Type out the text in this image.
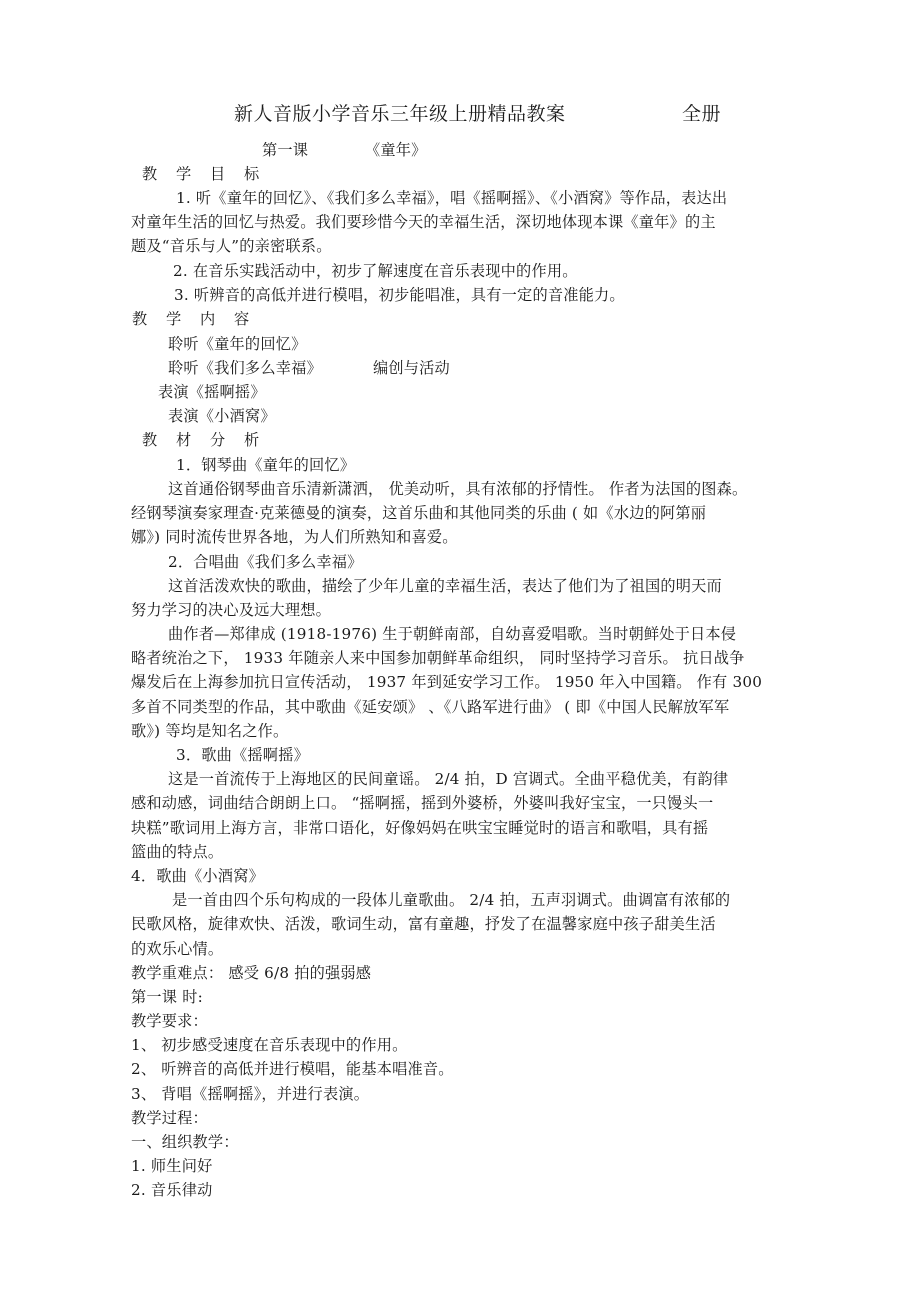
新人音版小学音乐三年级上册精品教案	全册
第一课	《童年》
教 学 目 标
1. 听《童年的回忆》、《我们多么幸福》，唱《摇啊摇》、《小酒窝》等作品，表达出
对童年生活的回忆与热爱。我们要珍惜今天的幸福生活，深切地体现本课《童年》的主
题及“音乐与人”的亲密联系。
2. 在音乐实践活动中，初步了解速度在音乐表现中的作用。
3. 听辨音的高低并进行模唱，初步能唱准，具有一定的音准能力。
教 学 内 容
聆听《童年的回忆》
聆听《我们多么幸福》	编创与活动
表演《摇啊摇》
表演《小酒窝》
教 材 分 析
1．钢琴曲《童年的回忆》
这首通俗钢琴曲音乐清新潇洒， 优美动听，具有浓郁的抒情性。 作者为法国的图森。
经钢琴演奏家理查·克莱德曼的演奏，这首乐曲和其他同类的乐曲 ( 如《水边的阿第丽
娜》) 同时流传世界各地，为人们所熟知和喜爱。
2．合唱曲《我们多么幸福》
这首活泼欢快的歌曲，描绘了少年儿童的幸福生活，表达了他们为了祖国的明天而
努力学习的决心及远大理想。
曲作者—郑律成 (1918-1976) 生于朝鲜南部，自幼喜爱唱歌。当时朝鲜处于日本侵
略者统治之下， 1933 年随亲人来中国参加朝鲜革命组织， 同时坚持学习音乐。 抗日战争
爆发后在上海参加抗日宣传活动， 1937 年到延安学习工作。 1950 年入中国籍。 作有 300
多首不同类型的作品，其中歌曲《延安颂》 、《八路军进行曲》 ( 即《中国人民解放军军
歌》) 等均是知名之作。
3．歌曲《摇啊摇》
这是一首流传于上海地区的民间童谣。 2/4 拍，D 宫调式。全曲平稳优美，有韵律
感和动感，词曲结合朗朗上口。 “摇啊摇，摇到外婆桥，外婆叫我好宝宝，一只馒头一
块糕”歌词用上海方言，非常口语化，好像妈妈在哄宝宝睡觉时的语言和歌唱，具有摇
篮曲的特点。
4．歌曲《小酒窝》
是一首由四个乐句构成的一段体儿童歌曲。 2/4 拍，五声羽调式。曲调富有浓郁的
民歌风格，旋律欢快、活泼，歌词生动，富有童趣，抒发了在温馨家庭中孩子甜美生活
的欢乐心情。
教学重难点： 感受 6/8 拍的强弱感
第一课 时:
教学要求：
1、 初步感受速度在音乐表现中的作用。
2、 听辨音的高低并进行模唱，能基本唱准音。
3、 背唱《摇啊摇》，并进行表演。
教学过程：
一、组织教学：
1. 师生问好
2. 音乐律动
